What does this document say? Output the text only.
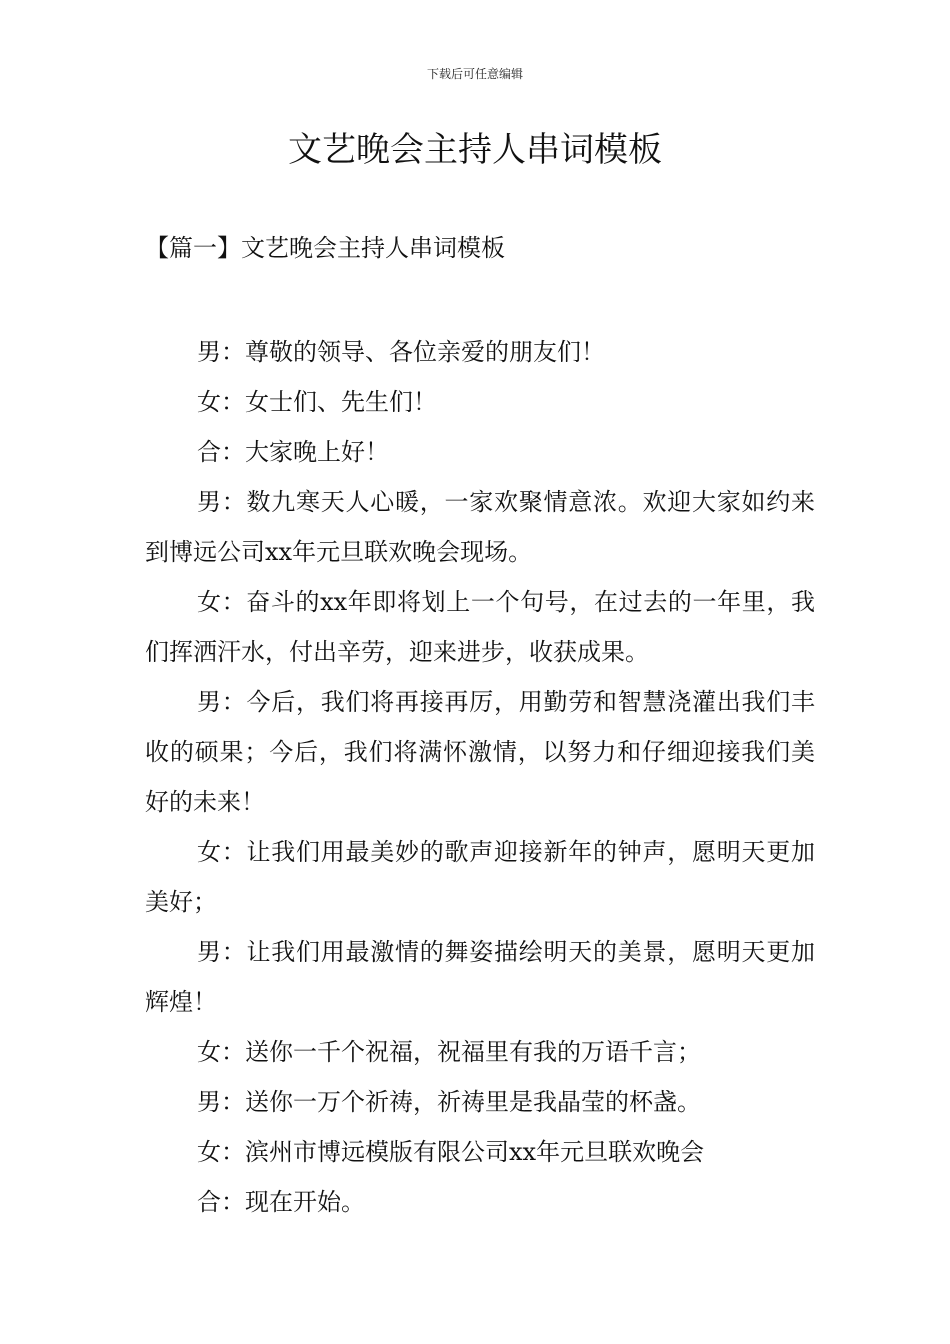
下载后可任意编辑
文艺晚会主持人串词模板
【篇一】文艺晚会主持人串词模板

男：尊敬的领导、各位亲爱的朋友们！

女：女士们、先生们！

合：大家晚上好！

男：数九寒天人心暖，一家欢聚情意浓。欢迎大家如约来到博远公司xx年元旦联欢晚会现场。

女：奋斗的xx年即将划上一个句号，在过去的一年里，我们挥洒汗水，付出辛劳，迎来进步，收获成果。

男：今后，我们将再接再厉，用勤劳和智慧浇灌出我们丰收的硕果；今后，我们将满怀激情，以努力和仔细迎接我们美好的未来！

女：让我们用最美妙的歌声迎接新年的钟声，愿明天更加美好；

男：让我们用最激情的舞姿描绘明天的美景，愿明天更加辉煌！

女：送你一千个祝福，祝福里有我的万语千言；

男：送你一万个祈祷，祈祷里是我晶莹的杯盏。

女：滨州市博远模版有限公司xx年元旦联欢晚会

合：现在开始。
